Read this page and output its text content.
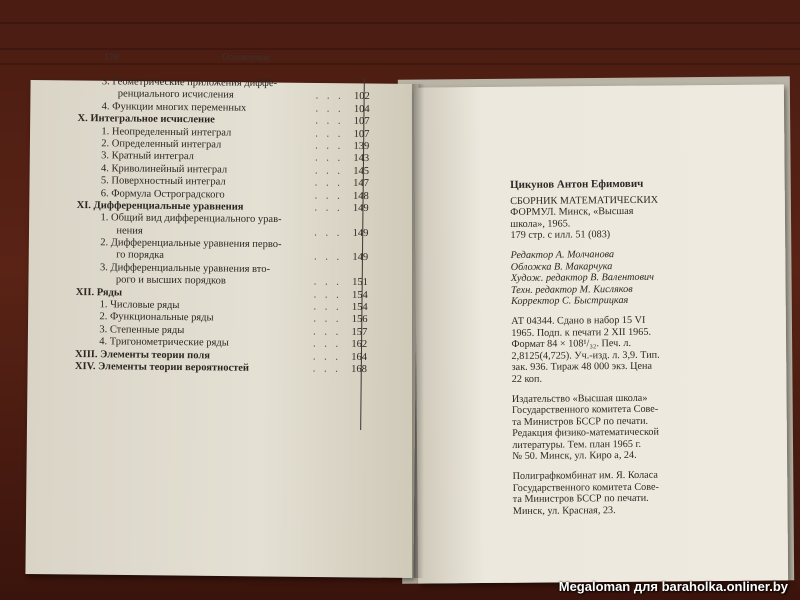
178	Оглавление
3. Геометрические приложения диффе-
ренциального исчисления	. . . 102
4. Функции многих переменных	. . . 104
X. Интегральное исчисление	. . . 107
1. Неопределенный интеграл	. . . 107
2. Определенный интеграл	. . . 139
3. Кратный интеграл	. . . 143
4. Криволинейный интеграл	. . . 145
5. Поверхностный интеграл	. . . 147
6. Формула Остроградского	. . . 148
XI. Дифференциальные уравнения	. . . 149
1. Общий вид дифференциального урав-
нения	. . . 149
2. Дифференциальные уравнения перво-
го порядка	. . . 149
3. Дифференциальные уравнения вто-
рого и высших порядков	. . . 151
XII. Ряды	. . . 154
1. Числовые ряды	. . . 154
2. Функциональные ряды	. . . 156
3. Степенные ряды	. . . 157
4. Тригонометрические ряды	. . . 162
XIII. Элементы теории поля	. . . 164
XIV. Элементы теории вероятностей	. . . 168
Цикунов Антон Ефимович
СБОРНИК МАТЕМАТИЧЕСКИХ
ФОРМУЛ. Минск, «Высшая
школа», 1965.
179 стр. с илл. 51 (083)
Редактор А. Молчанова
Обложка В. Макарчука
Худож. редактор В. Валентович
Техн. редактор М. Кисляков
Корректор С. Быстрицкая
АТ 04344. Сдано в набор 15 VI
1965. Подп. к печати 2 XII 1965.
Формат 84 × 108¹/₃₂. Печ. л.
2,8125(4,725). Уч.-изд. л. 3,9. Тип.
зак. 936. Тираж 48 000 экз. Цена
22 коп.
Издательство «Высшая школа»
Государственного комитета Сове-
та Министров БССР по печати.
Редакция физико-математической
литературы. Тем. план 1965 г.
№ 50. Минск, ул. Киро а, 24.
Полиграфкомбинат им. Я. Коласа
Государственного комитета Сове-
та Министров БССР по печати.
Минск, ул. Красная, 23.
Megaloman для baraholka.onliner.by
